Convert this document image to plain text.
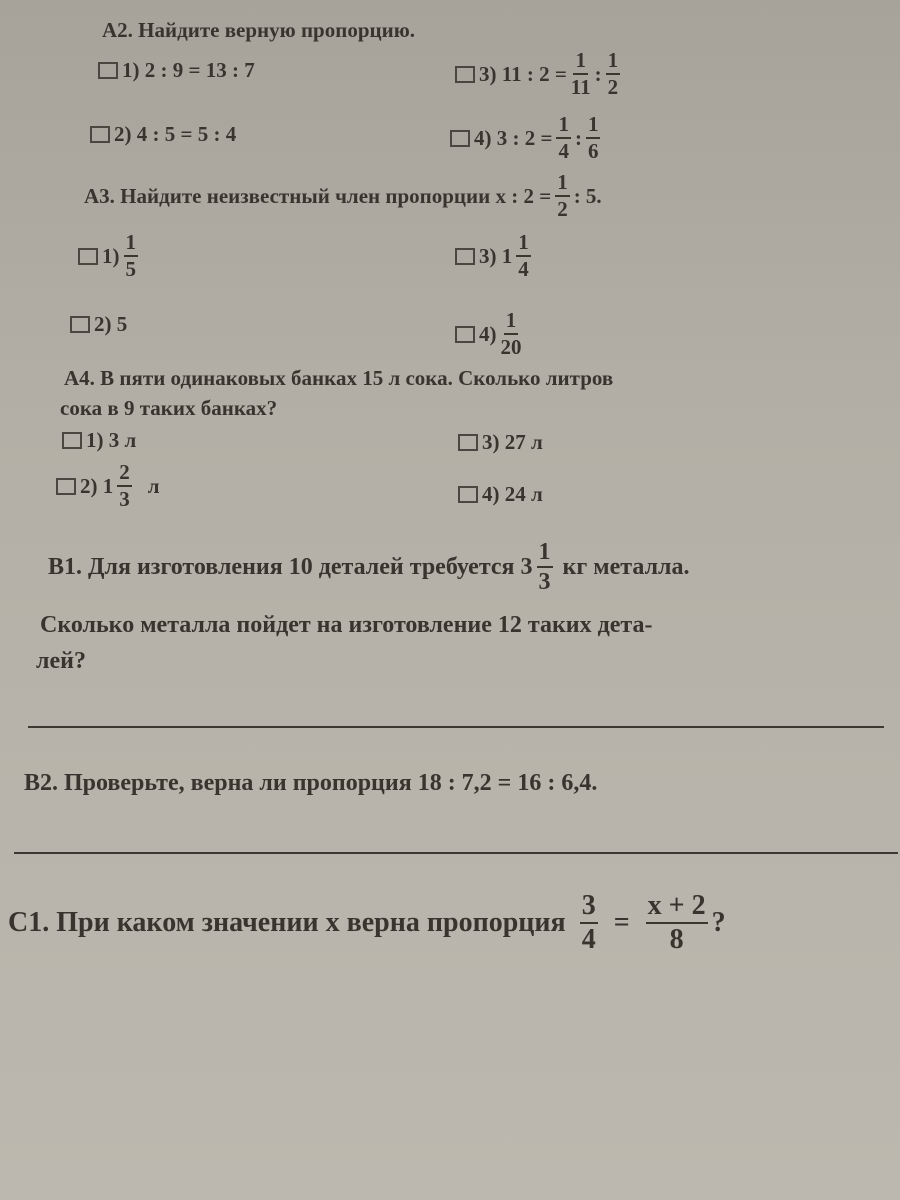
А2. Найдите верную пропорцию.
1) 2 : 9 = 13 : 7
2) 4 : 5 = 5 : 4
3) 11 : $2 = \frac{1}{11}$ : $\frac{1}{2}$
4) 3 : $2 = \frac{1}{4}$ : $\frac{1}{6}$
А3.
Найдите неизвестный член пропорции x : $2 = \frac{1}{2}$ : 5.
$1) \frac{1}{5}$
2) 5
3) $1 \frac{1}{4}$
$4) \frac{1}{20}$
А4. В пяти одинаковых банках 15 л сока. Сколько литров
сока в 9 таких банках?
1) 3 л
2) $1 \frac{2}{3}$ л
3) 27 л
4) 24 л
В1.
Для изготовления 10 деталей требуется $3 \frac{1}{3}$
кг металла.
Сколько металла пойдет на изготовление 12 таких дета-
лей?
В2. Проверьте, верна ли пропорция 18 : 7,2 = 16 : 6,4.
С1.
При каком значении x верна пропорция $\frac{3}{4} = \frac{x + 2}{8}$ ?
